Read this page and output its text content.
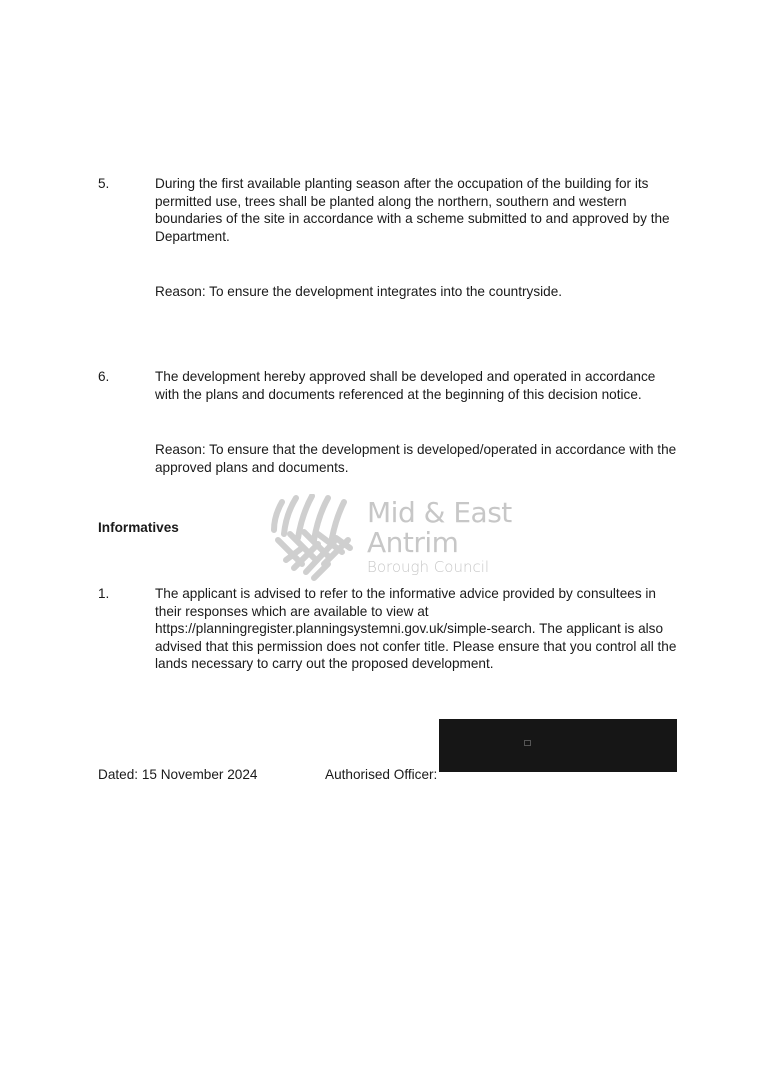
5.	During the first available planting season after the occupation of the building for its permitted use, trees shall be planted along the northern, southern and western boundaries of the site in accordance with a scheme submitted to and approved by the Department.
Reason: To ensure the development integrates into the countryside.
6.	The development hereby approved shall be developed and operated in accordance with the plans and documents referenced at the beginning of this decision notice.
Reason: To ensure that the development is developed/operated in accordance with the approved plans and documents.
Informatives	Mid & East
Antrim
Borough Council
1.	The applicant is advised to refer to the informative advice provided by consultees in their responses which are available to view at https://planningregister.planningsystemni.gov.uk/simple-search. The applicant is also advised that this permission does not confer title. Please ensure that you control all the lands necessary to carry out the proposed development.
Dated: 15 November 2024	Authorised Officer:
